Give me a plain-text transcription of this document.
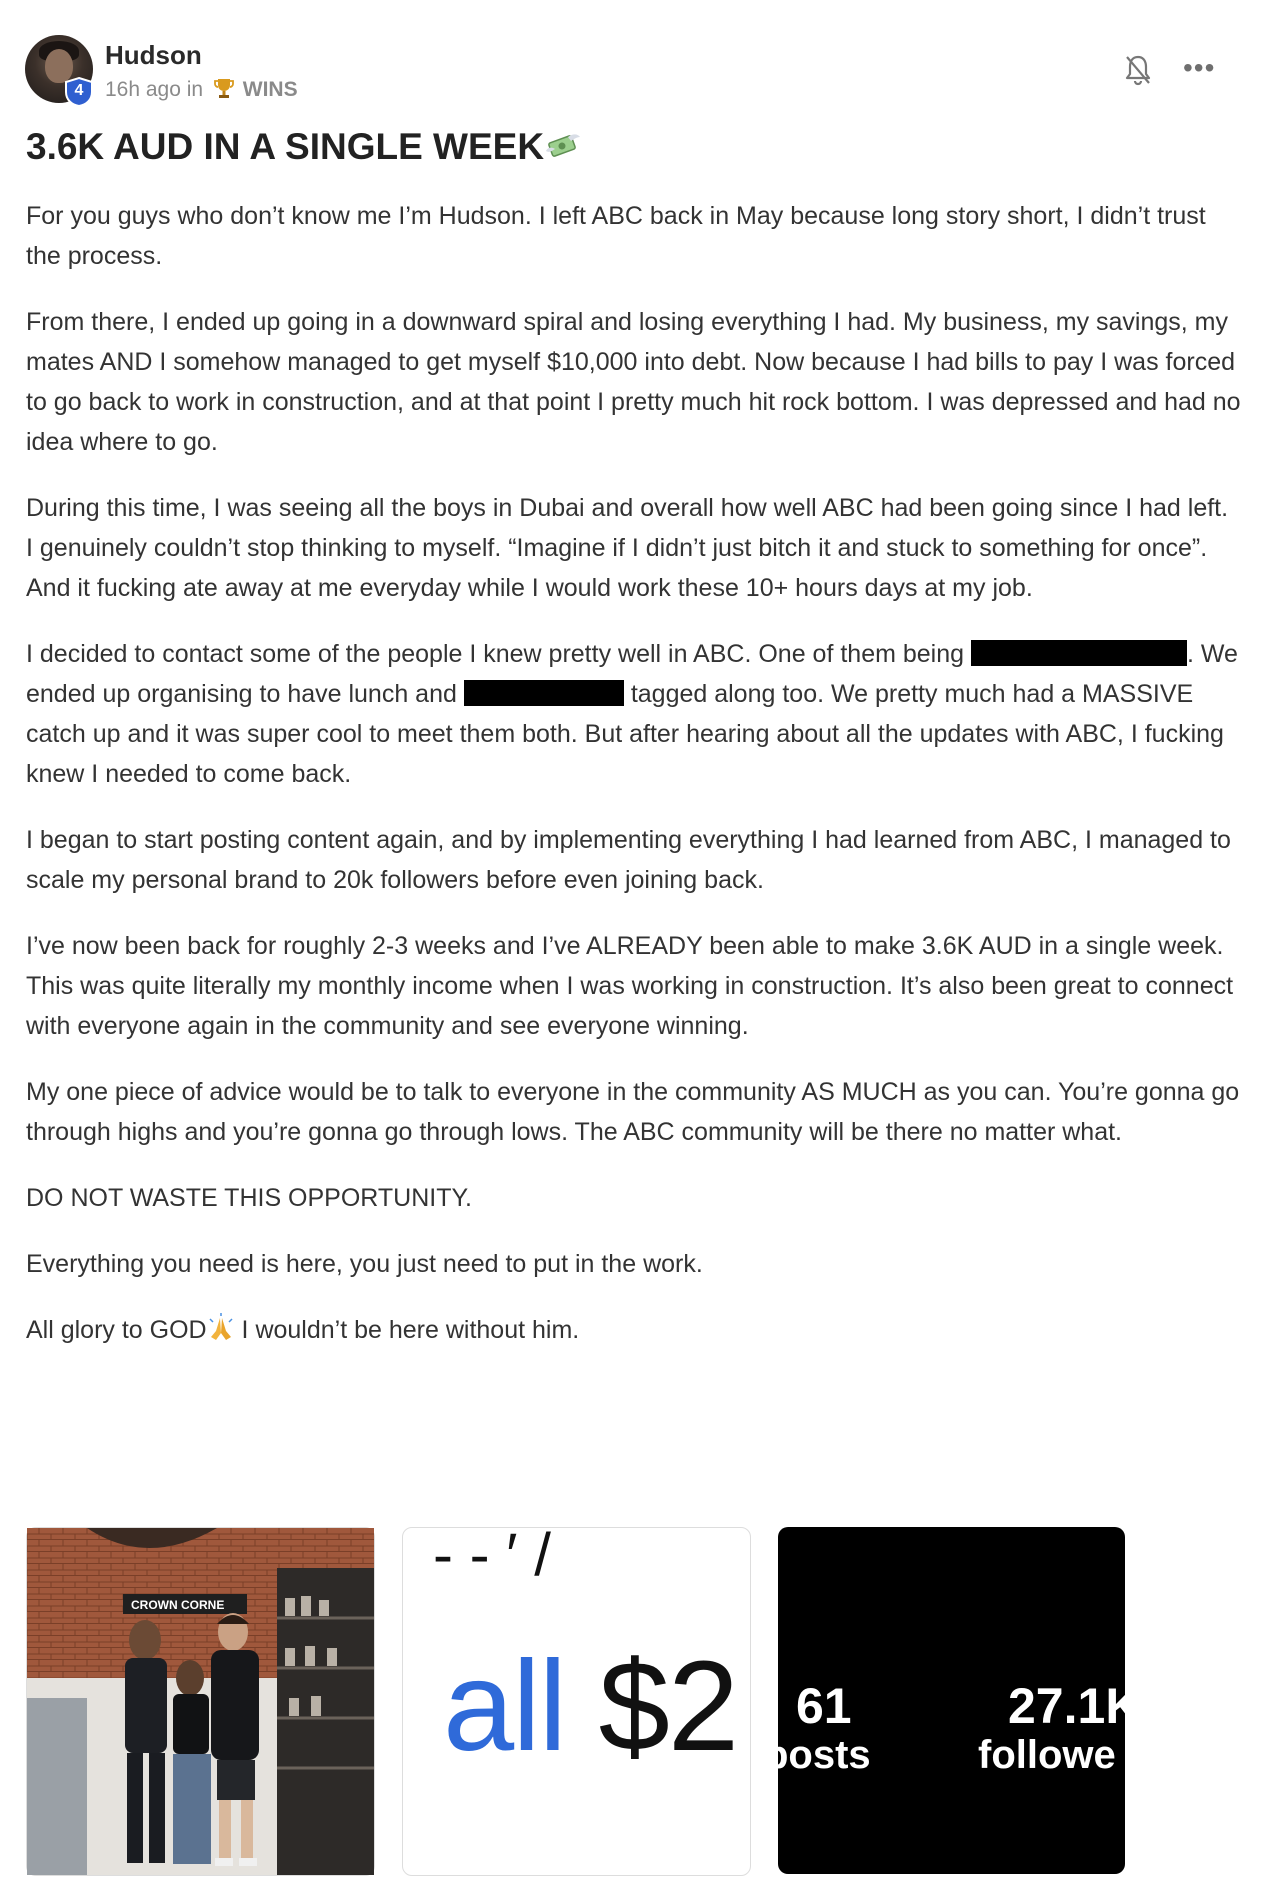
4
Hudson
16h ago in WINS
•••
3.6K AUD IN A SINGLE WEEK

For you guys who don’t know me I’m Hudson. I left ABC back in May because long story short, I didn’t trust the process.

From there, I ended up going in a downward spiral and losing everything I had. My business, my savings, my mates AND I somehow managed to get myself $10,000 into debt. Now because I had bills to pay I was forced to go back to work in construction, and at that point I pretty much hit rock bottom. I was depressed and had no idea where to go.

During this time, I was seeing all the boys in Dubai and overall how well ABC had been going since I had left. I genuinely couldn’t stop thinking to myself. “Imagine if I didn’t just bitch it and stuck to something for once”. And it fucking ate away at me everyday while I would work these 10+ hours days at my job.

I decided to contact some of the people I knew pretty well in ABC. One of them being	. We ended up organising to have lunch and	tagged along too. We pretty much had a MASSIVE catch up and it was super cool to meet them both. But after hearing about all the updates with ABC, I fucking knew I needed to come back.

I began to start posting content again, and by implementing everything I had learned from ABC, I managed to scale my personal brand to 20k followers before even joining back.

I’ve now been back for roughly 2-3 weeks and I’ve ALREADY been able to make 3.6K AUD in a single week. This was quite literally my monthly income when I was working in construction. It’s also been great to connect with everyone again in the community and see everyone winning.

My one piece of advice would be to talk to everyone in the community AS MUCH as you can. You’re gonna go through highs and you’re gonna go through lows. The ABC community will be there no matter what.

DO NOT WASTE THIS OPPORTUNITY.

Everything you need is here, you just need to put in the work.

All glory to GOD I wouldn’t be here without him.

CROWN CORNE
‑ ‑ ′ /
all $2 61
posts
27.1K
followe
